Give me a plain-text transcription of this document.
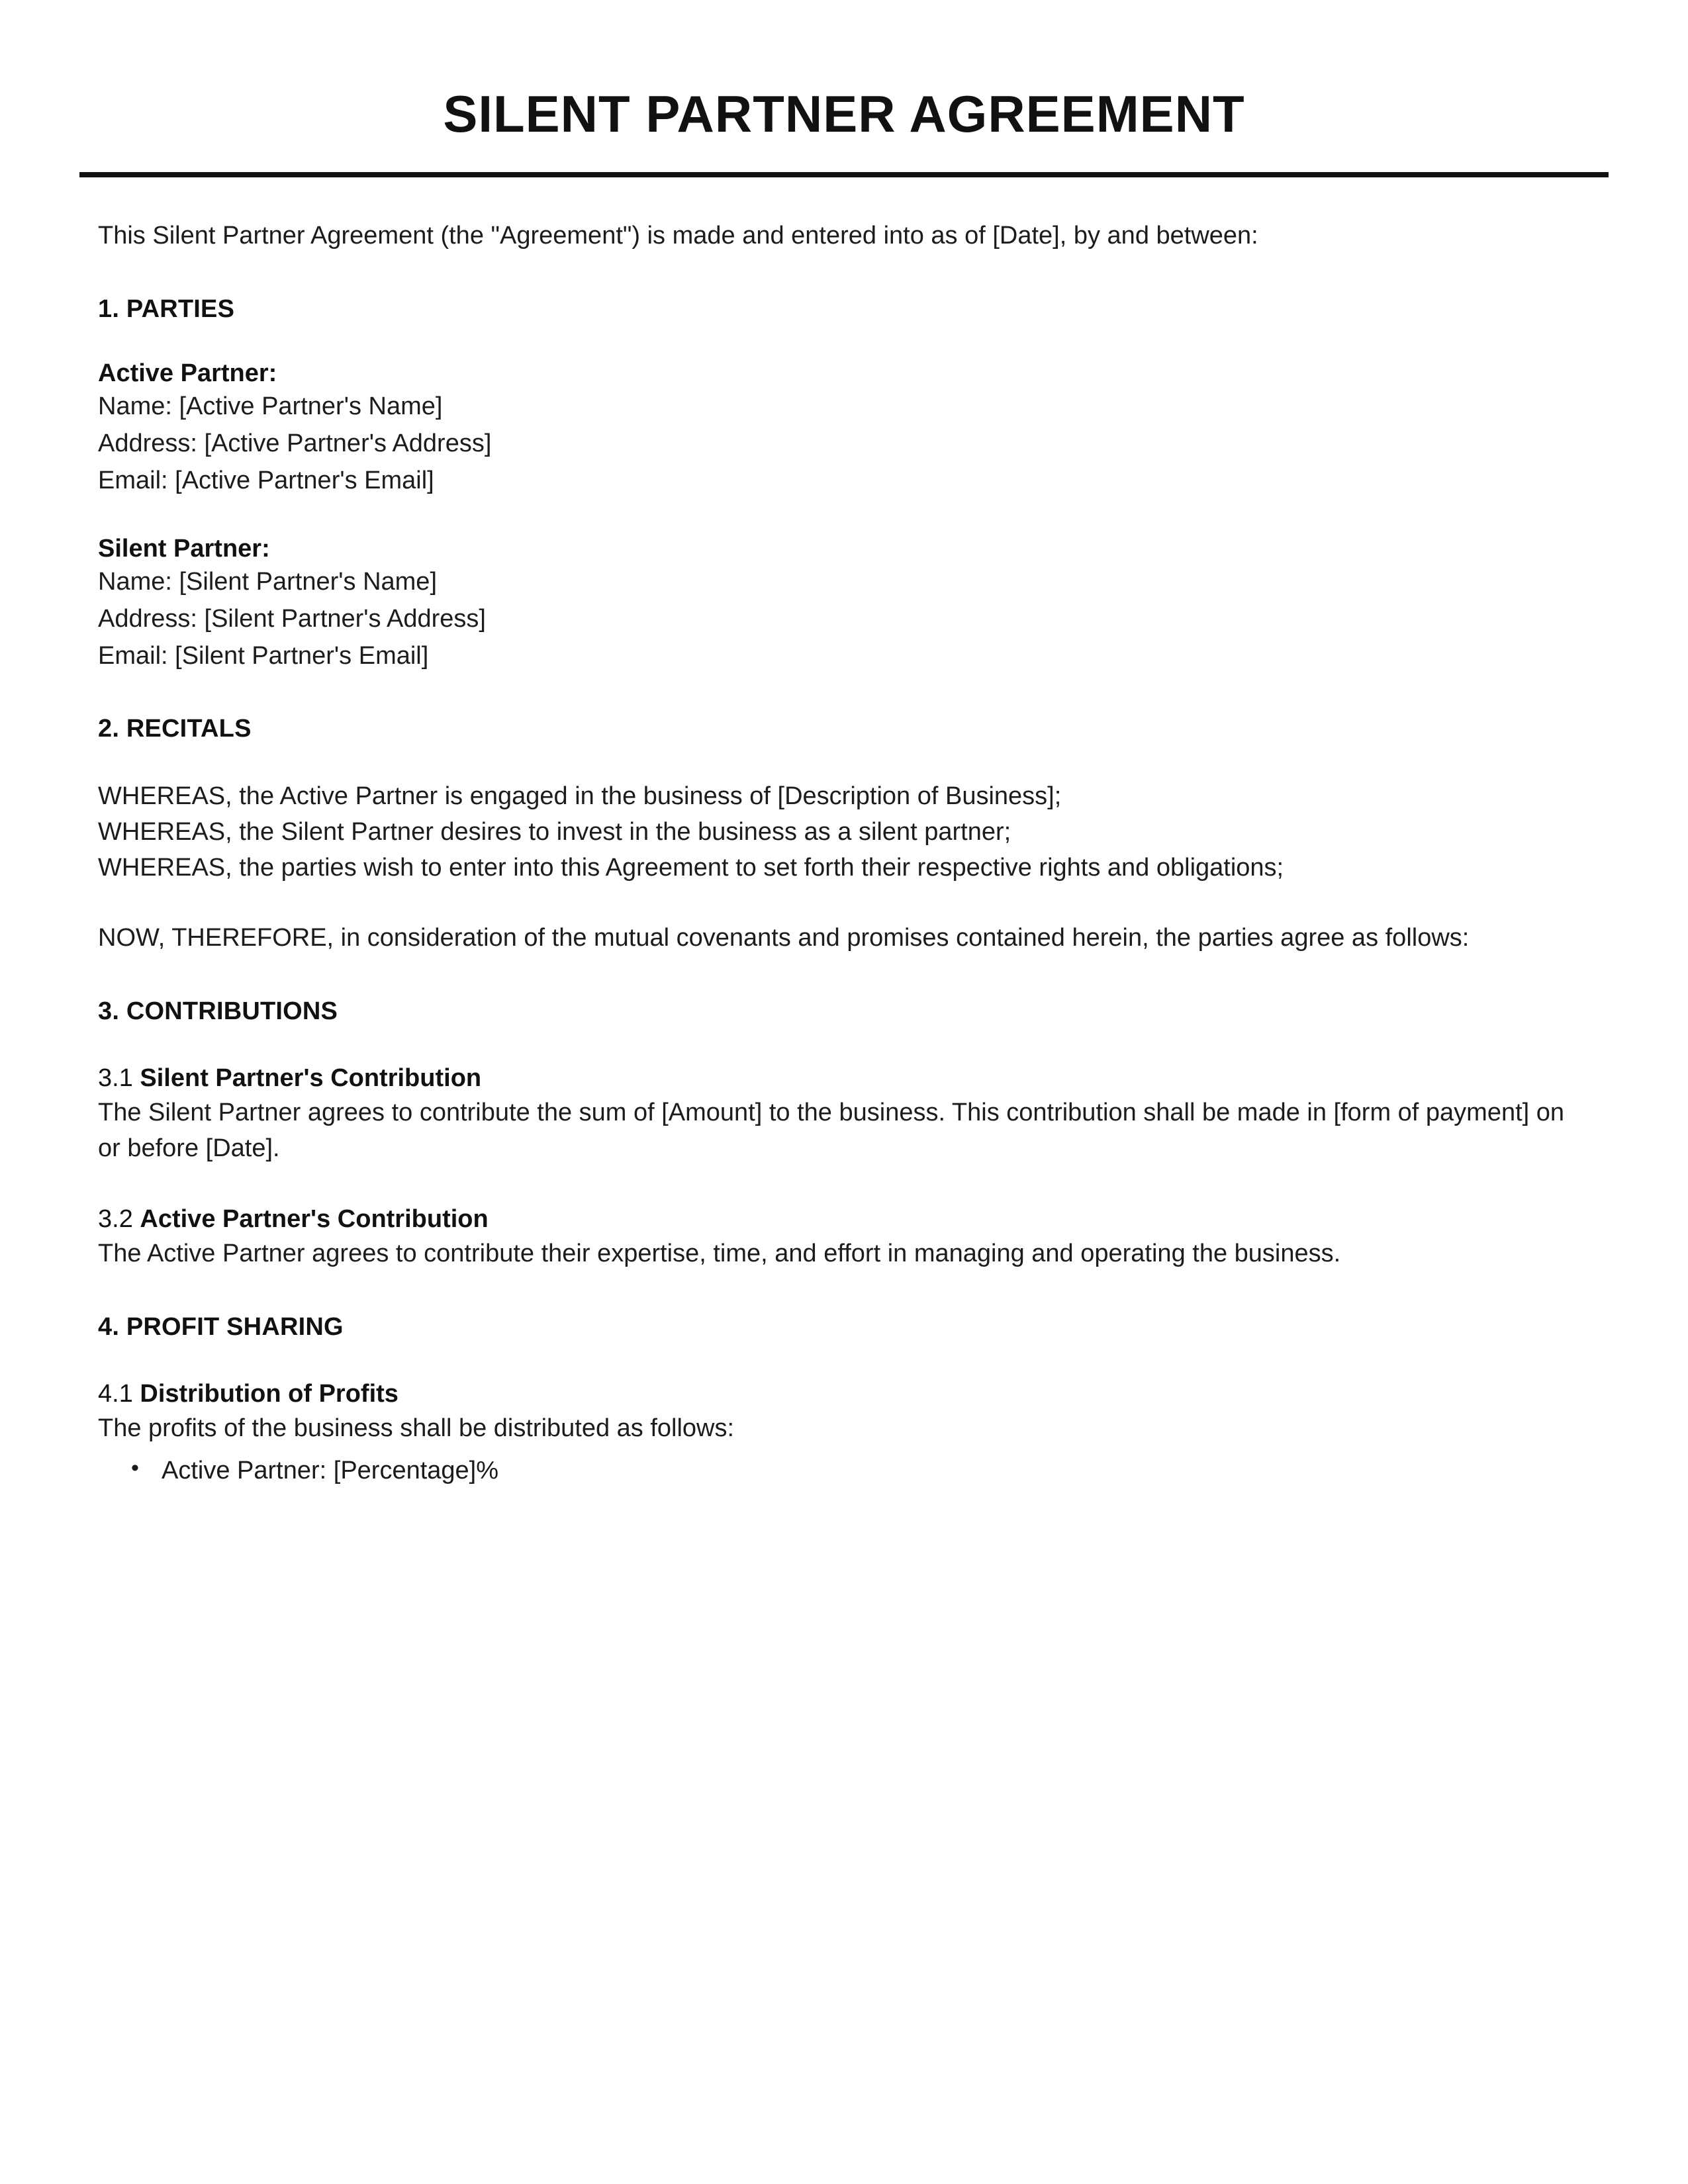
SILENT PARTNER AGREEMENT

This Silent Partner Agreement (the "Agreement") is made and entered into as of [Date], by and between:

1. PARTIES
Active Partner:
Name: [Active Partner's Name]
Address: [Active Partner's Address]
Email: [Active Partner's Email]
Silent Partner:
Name: [Silent Partner's Name]
Address: [Silent Partner's Address]
Email: [Silent Partner's Email]
2. RECITALS

WHEREAS, the Active Partner is engaged in the business of [Description of Business];

WHEREAS, the Silent Partner desires to invest in the business as a silent partner;

WHEREAS, the parties wish to enter into this Agreement to set forth their respective rights and obligations;

NOW, THEREFORE, in consideration of the mutual covenants and promises contained herein, the parties agree as follows:

3. CONTRIBUTIONS
3.1 Silent Partner's Contribution

The Silent Partner agrees to contribute the sum of [Amount] to the business. This contribution shall be made in [form of payment] on or before [Date].

3.2 Active Partner's Contribution

The Active Partner agrees to contribute their expertise, time, and effort in managing and operating the business.

4. PROFIT SHARING
4.1 Distribution of Profits

The profits of the business shall be distributed as follows:

• Active Partner: [Percentage]%
